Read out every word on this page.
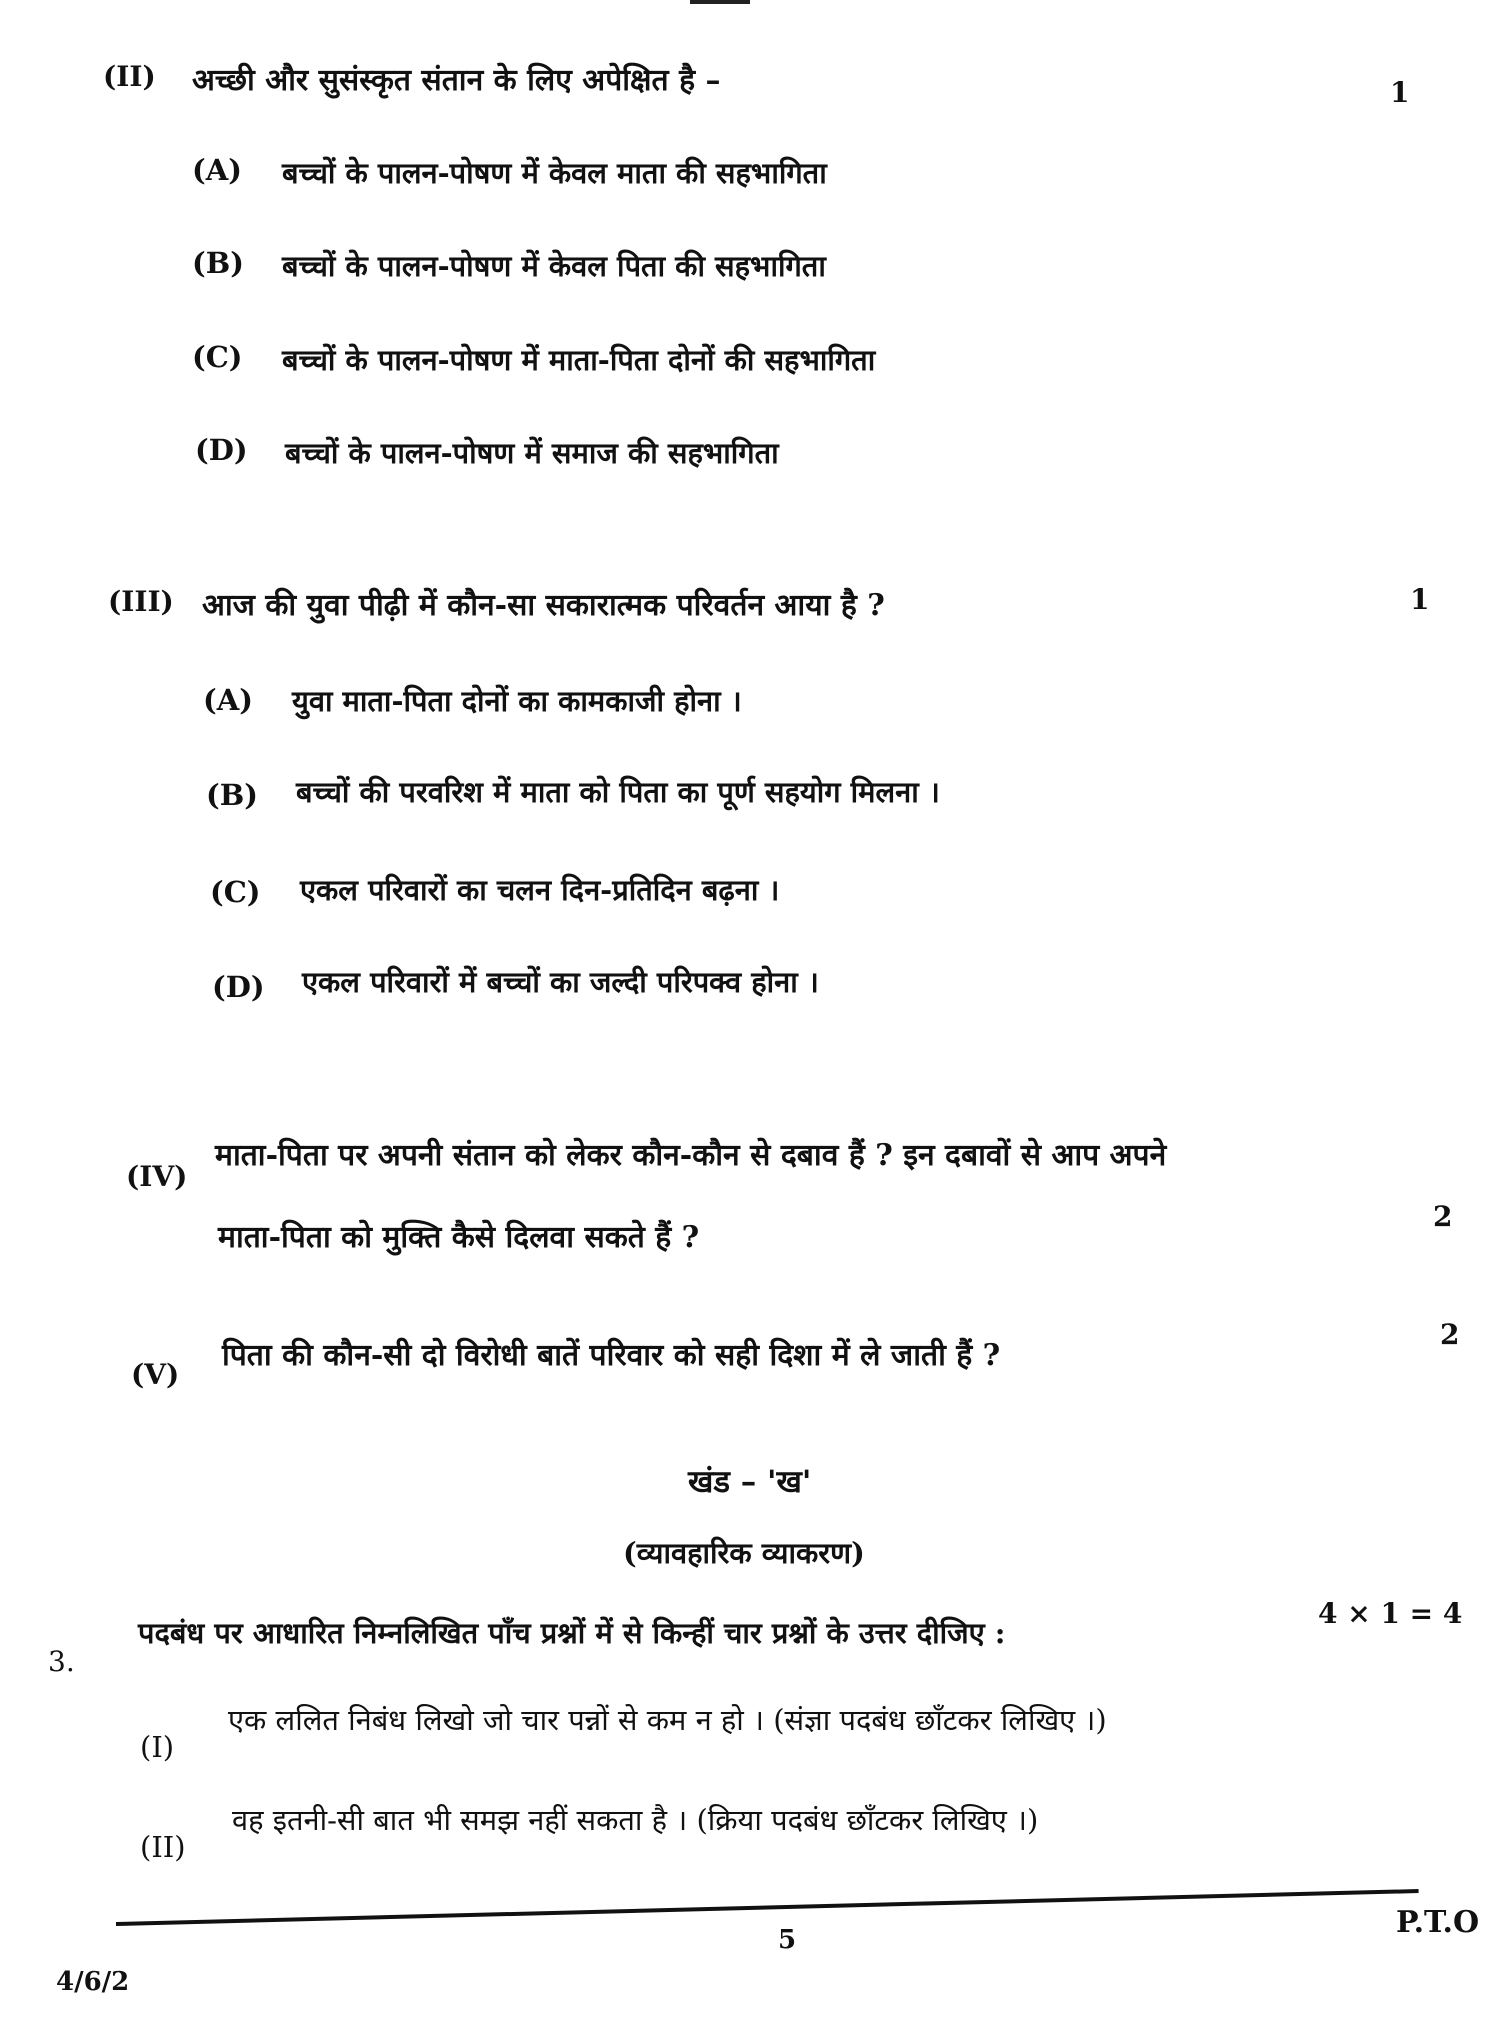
(II) अच्छी और सुसंस्कृत संतान के लिए अपेक्षित है –	1
(A) बच्चों के पालन-पोषण में केवल माता की सहभागिता
(B) बच्चों के पालन-पोषण में केवल पिता की सहभागिता
(C) बच्चों के पालन-पोषण में माता-पिता दोनों की सहभागिता
(D) बच्चों के पालन-पोषण में समाज की सहभागिता
(III) आज की युवा पीढ़ी में कौन-सा सकारात्मक परिवर्तन आया है ?	1
(A) युवा माता-पिता दोनों का कामकाजी होना ।
(B) बच्चों की परवरिश में माता को पिता का पूर्ण सहयोग मिलना ।
(C) एकल परिवारों का चलन दिन-प्रतिदिन बढ़ना ।
(D) एकल परिवारों में बच्चों का जल्दी परिपक्व होना ।
(IV)
माता-पिता पर अपनी संतान को लेकर कौन-कौन से दबाव हैं ? इन दबावों से आप अपने
माता-पिता को मुक्ति कैसे दिलवा सकते हैं ?
2
(V)
पिता की कौन-सी दो विरोधी बातें परिवार को सही दिशा में ले जाती हैं ?
2
खंड – 'ख'
(व्यावहारिक व्याकरण)
3.
पदबंध पर आधारित निम्नलिखित पाँच प्रश्नों में से किन्हीं चार प्रश्नों के उत्तर दीजिए :
4 × 1 = 4
(I)
एक ललित निबंध लिखो जो चार पन्नों से कम न हो । (संज्ञा पदबंध छाँटकर लिखिए ।)
(II)
वह इतनी-सी बात भी समझ नहीं सकता है । (क्रिया पदबंध छाँटकर लिखिए ।)
P.T.O
5
4/6/2
